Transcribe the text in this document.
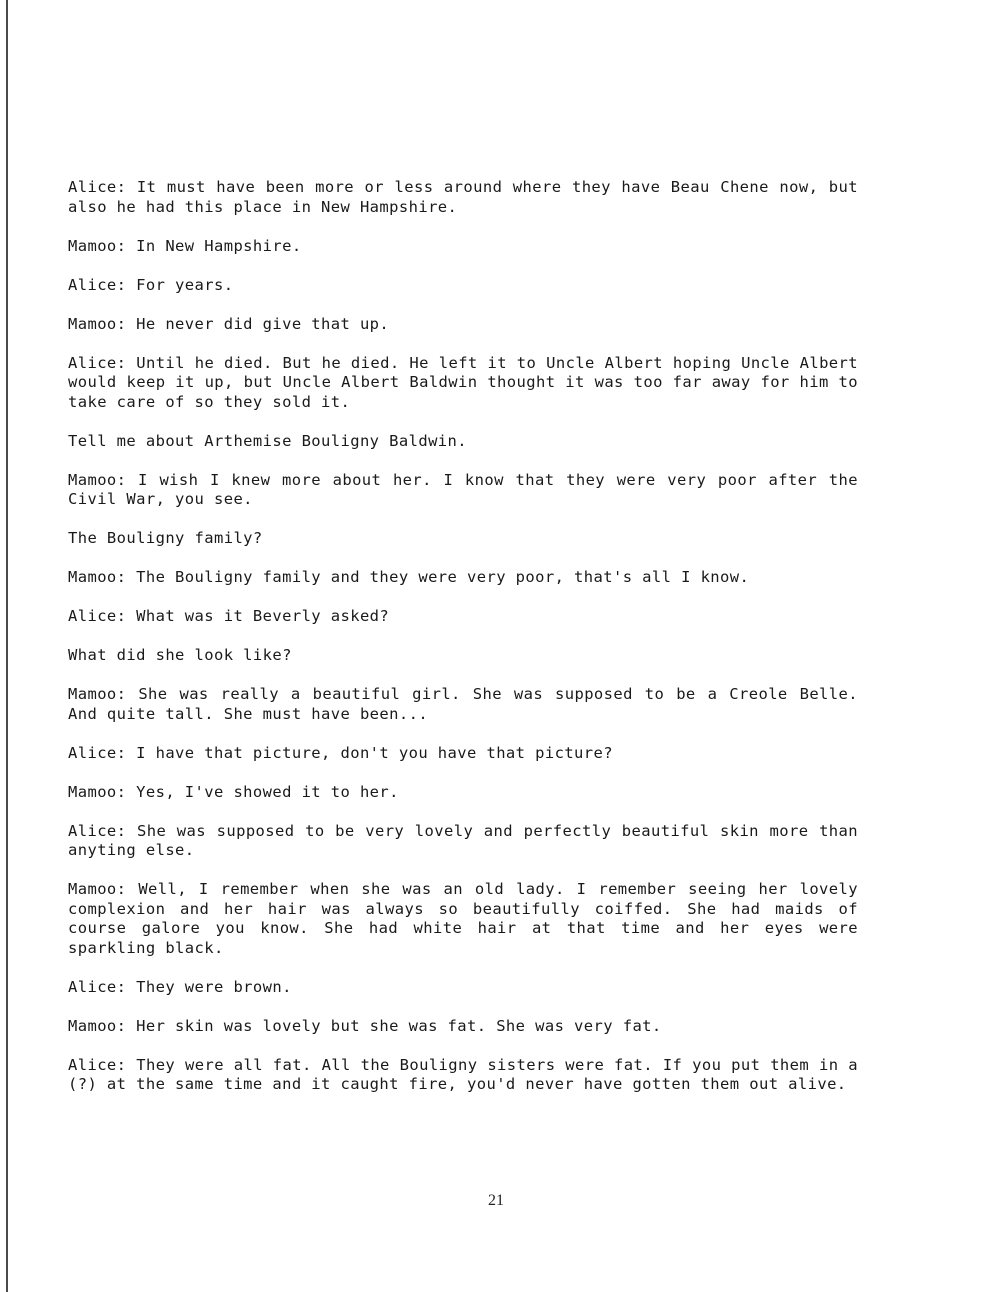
Alice: It must have been more or less around where they have Beau Chene now, but also he had this place in New Hampshire.

Mamoo: In New Hampshire.

Alice: For years.

Mamoo: He never did give that up.

Alice: Until he died. But he died. He left it to Uncle Albert hoping Uncle Albert would keep it up, but Uncle Albert Baldwin thought it was too far away for him to take care of so they sold it.

Tell me about Arthemise Bouligny Baldwin.

Mamoo: I wish I knew more about her. I know that they were very poor after the Civil War, you see.

The Bouligny family?

Mamoo: The Bouligny family and they were very poor, that's all I know.

Alice: What was it Beverly asked?

What did she look like?

Mamoo: She was really a beautiful girl. She was supposed to be a Creole Belle. And quite tall. She must have been...

Alice: I have that picture, don't you have that picture?

Mamoo: Yes, I've showed it to her.

Alice: She was supposed to be very lovely and perfectly beautiful skin more than anyting else.

Mamoo: Well, I remember when she was an old lady. I remember seeing her lovely complexion and her hair was always so beautifully coiffed. She had maids of course galore you know. She had white hair at that time and her eyes were sparkling black.

Alice: They were brown.

Mamoo: Her skin was lovely but she was fat. She was very fat.

Alice: They were all fat. All the Bouligny sisters were fat. If you put them in a (?) at the same time and it caught fire, you'd never have gotten them out alive.

21
